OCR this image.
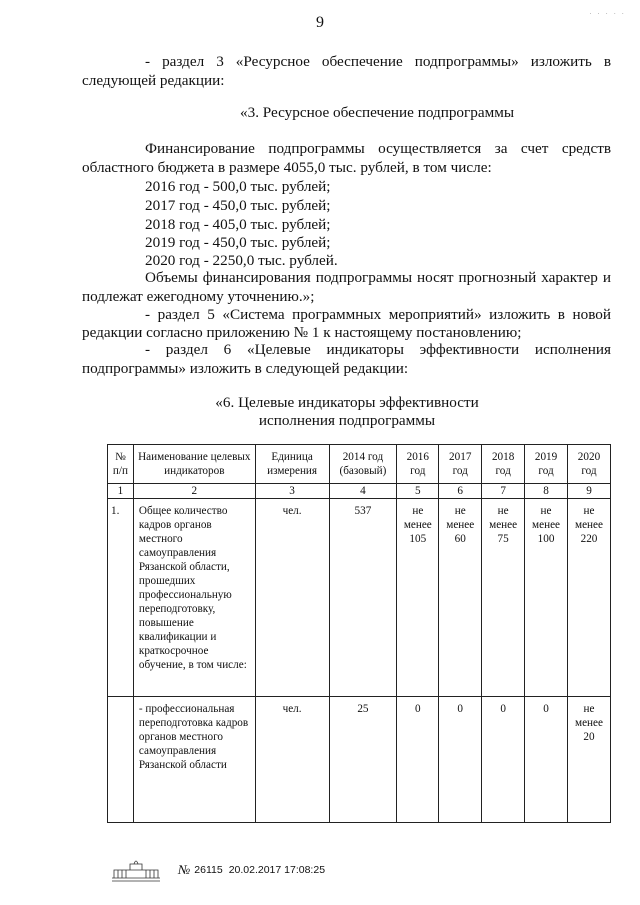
9	· · · · ·
- раздел 3 «Ресурсное обеспечение подпрограммы» изложить в
следующей редакции:
«3. Ресурсное обеспечение подпрограммы
Финансирование подпрограммы осуществляется за счет средств
областного бюджета в размере 4055,0 тыс. рублей, в том числе:
2016 год - 500,0 тыс. рублей;
2017 год - 450,0 тыс. рублей;
2018 год - 405,0 тыс. рублей;
2019 год - 450,0 тыс. рублей;
2020 год - 2250,0 тыс. рублей.
Объемы финансирования подпрограммы носят прогнозный характер и
подлежат ежегодному уточнению.»;
- раздел 5 «Система программных мероприятий» изложить в новой
редакции согласно приложению № 1 к настоящему постановлению;
- раздел 6 «Целевые индикаторы эффективности исполнения
подпрограммы» изложить в следующей редакции:
«6. Целевые индикаторы эффективности
исполнения подпрограммы
№ п/п	Наименование целевых индикаторов	Единица измерения	2014 год (базовый)	2016 год	2017 год	2018 год	2019 год	2020 год
1	2	3	4	5	6	7	8	9
1.	Общее количество кадров органов местного самоуправления Рязанской области, прошедших профессиональную переподготовку, повышение квалификации и краткосрочное обучение, в том числе:	чел.	537	не менее 105	не менее 60	не менее 75	не менее 100	не менее 220
	- профессиональная переподготовка кадров органов местного самоуправления Рязанской области	чел.	25	0	0	0	0	не менее 20
№ 26115 20.02.2017 17:08:25
